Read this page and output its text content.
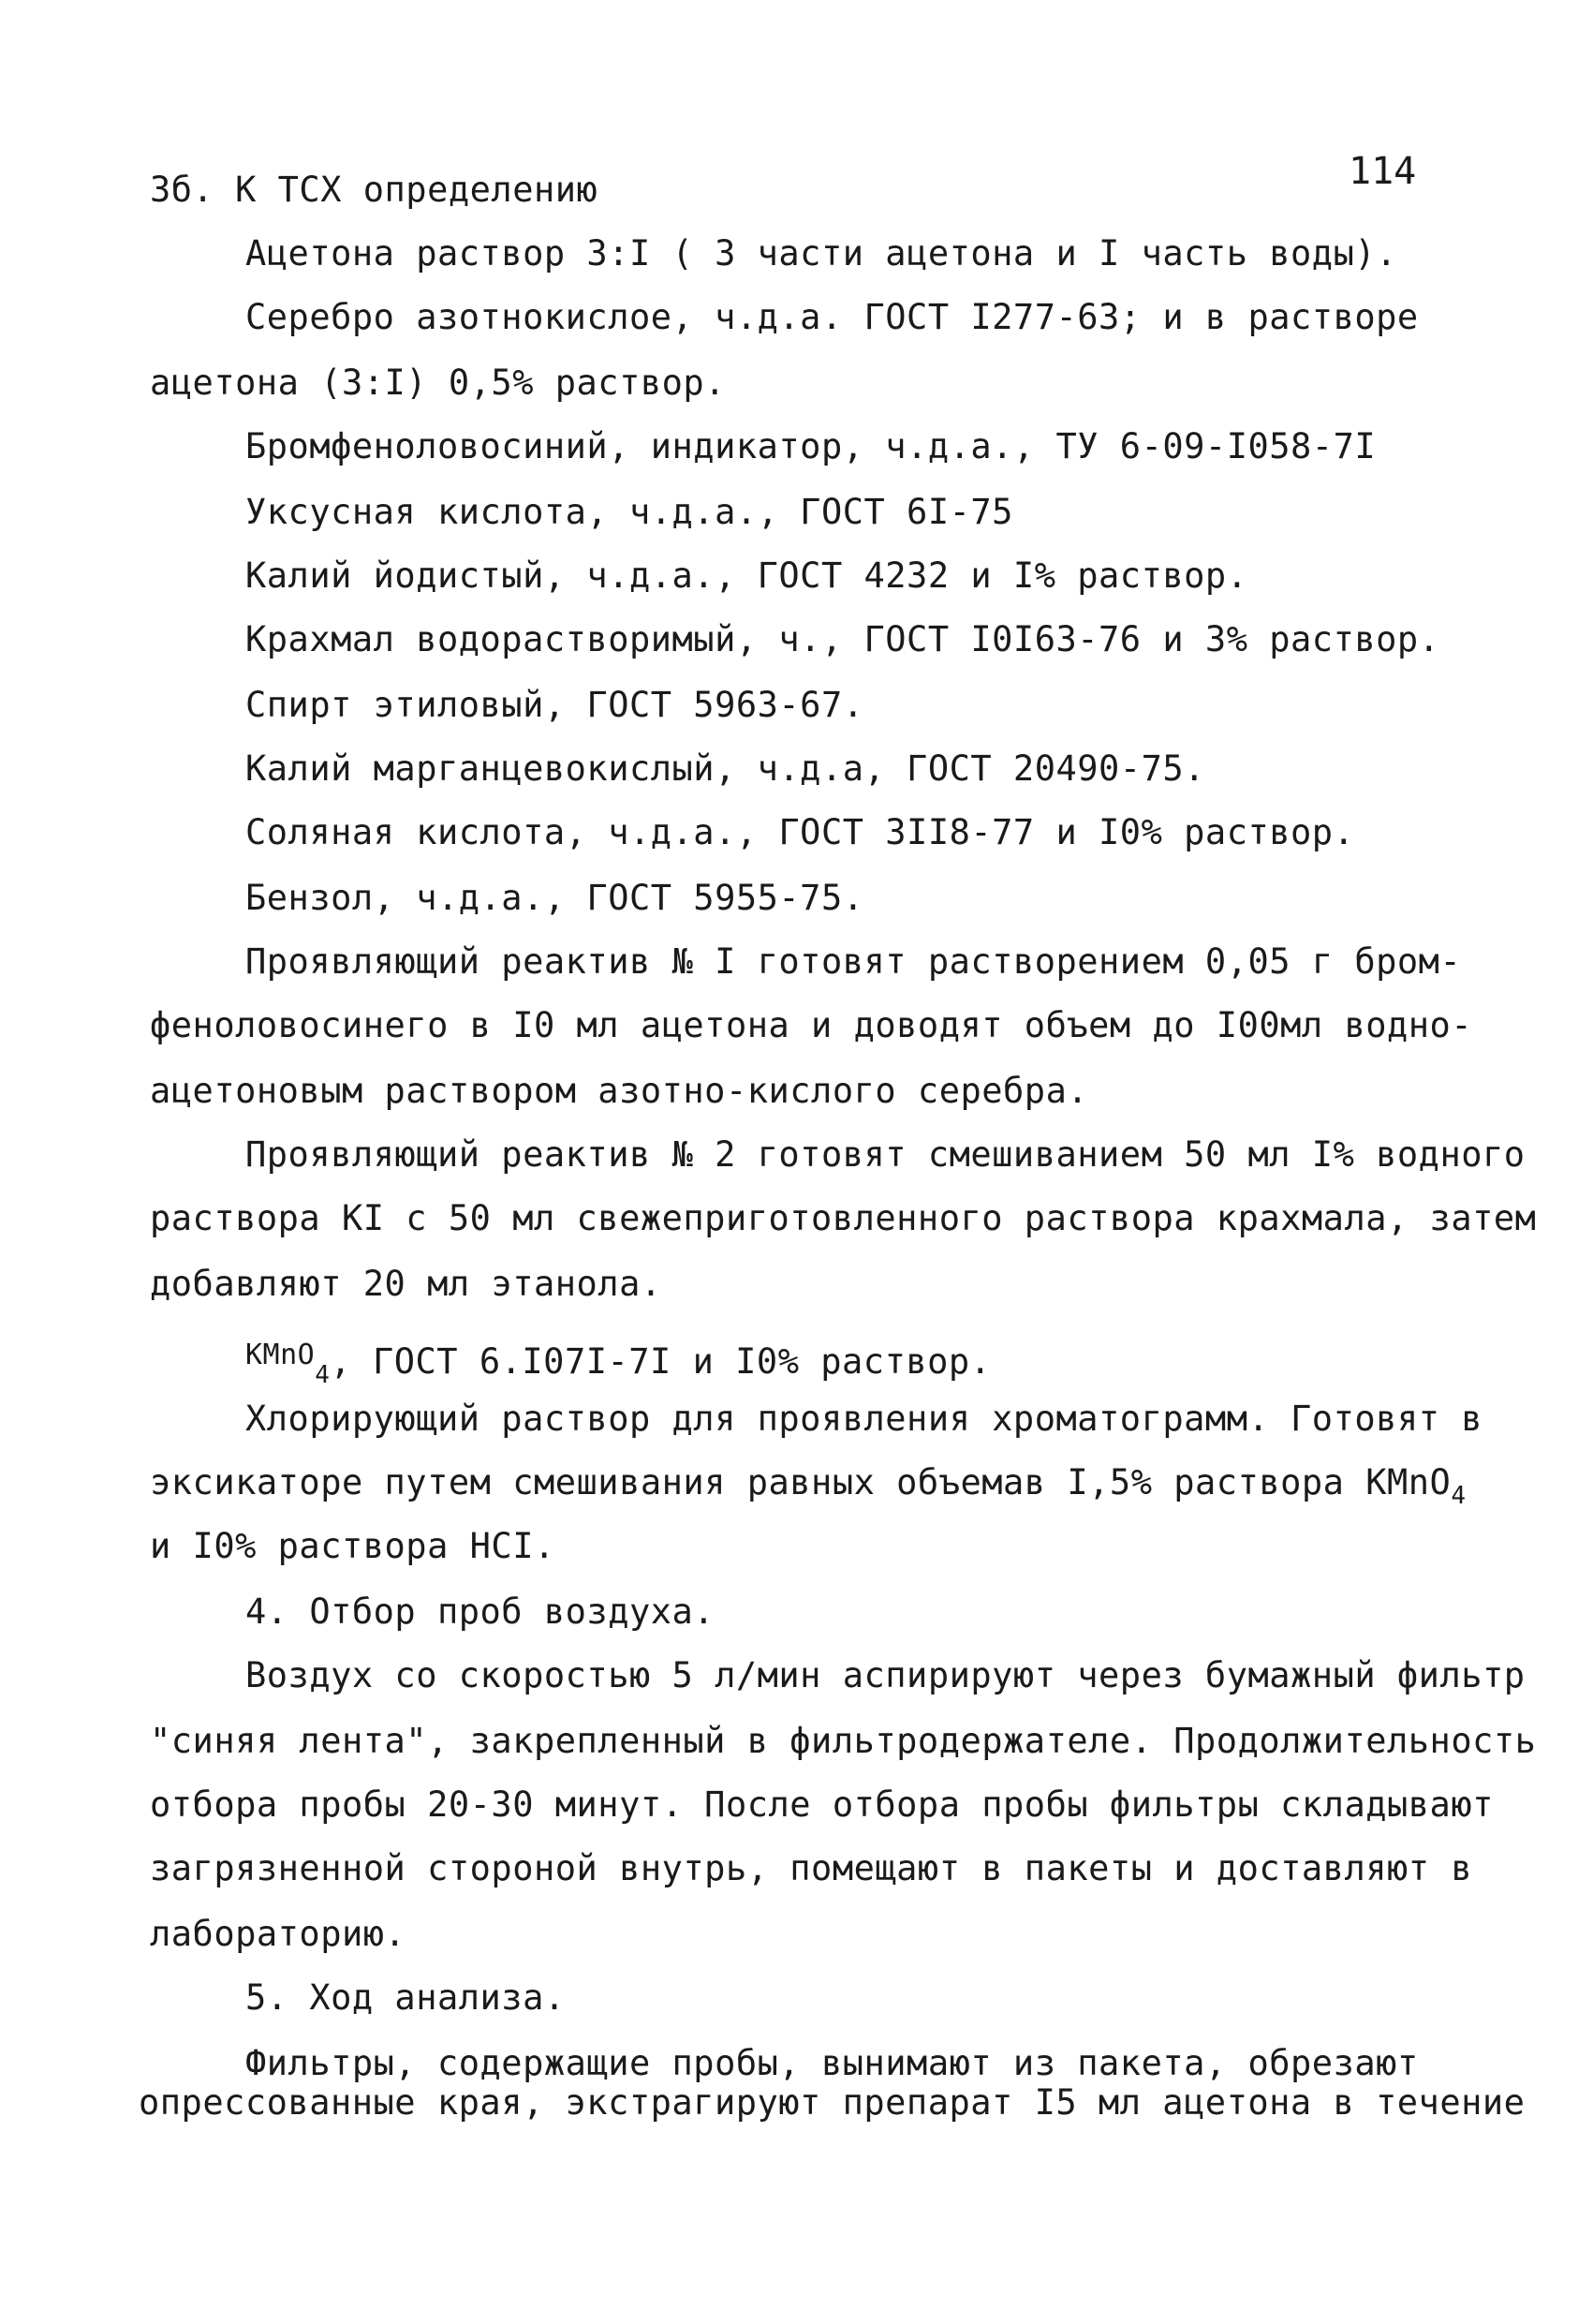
114
3б. К ТСХ определению
Ацетона раствор 3:I ( 3 части ацетона и I часть воды).
Серебро азотнокислое, ч.д.а. ГОСТ I277-63; и в растворе
ацетона (3:I) 0,5% раствор.
Бромфеноловосиний, индикатор, ч.д.а., ТУ 6-09-I058-7I
Уксусная кислота, ч.д.а., ГОСТ 6I-75
Калий йодистый, ч.д.а., ГОСТ 4232 и I% раствор.
Крахмал водорастворимый, ч., ГОСТ I0I63-76 и 3% раствор.
Спирт этиловый, ГОСТ 5963-67.
Калий марганцевокислый, ч.д.а, ГОСТ 20490-75.
Соляная кислота, ч.д.а., ГОСТ 3II8-77 и I0% раствор.
Бензол, ч.д.а., ГОСТ 5955-75.
Проявляющий реактив № I готовят растворением 0,05 г бром-
феноловосинего в I0 мл ацетона и доводят объем до I00мл водно-
ацетоновым раствором азотно-кислого серебра.
Проявляющий реактив № 2 готовят смешиванием 50 мл I% водного
раствора КI с 50 мл свежеприготовленного раствора крахмала, затем
добавляют 20 мл этанола.
$^{KMnO}_4$, ГОСТ 6.I07I-7I и I0% раствор.
Хлорирующий раствор для проявления хроматограмм. Готовят в
эксикаторе путем смешивания равных объемав I,5% раствора KMnO$_4$
и I0% раствора HCI.
4. Отбор проб воздуха.
Воздух со скоростью 5 л/мин аспирируют через бумажный фильтр
"синяя лента", закрепленный в фильтродержателе. Продолжительность
отбора пробы 20-30 минут. После отбора пробы фильтры складывают
загрязненной стороной внутрь, помещают в пакеты и доставляют в
лабораторию.
5. Ход анализа.
Фильтры, содержащие пробы, вынимают из пакета, обрезают
опрессованные края, экстрагируют препарат I5 мл ацетона в течение
